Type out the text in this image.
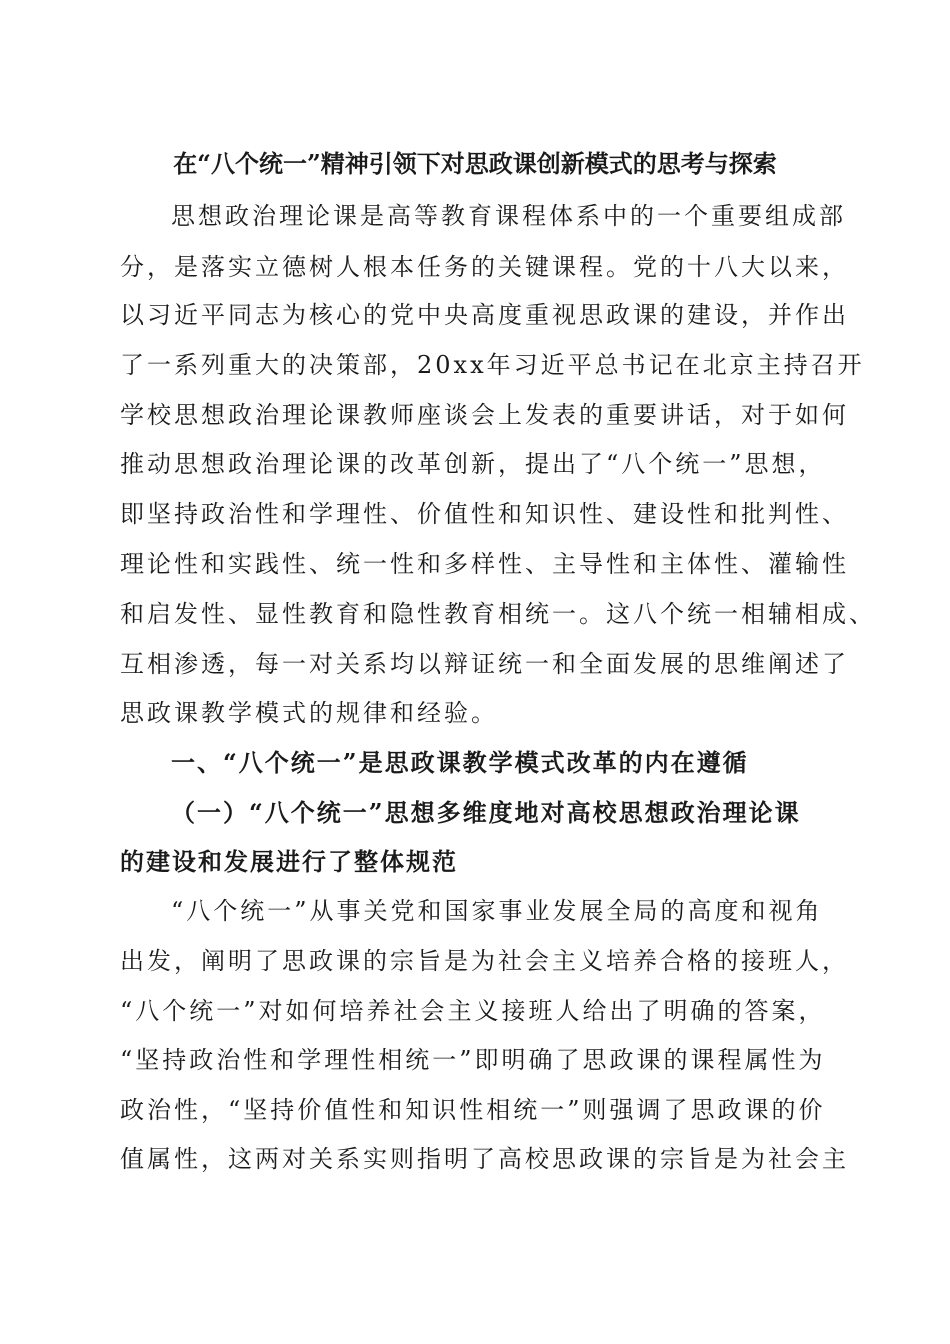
在“八个统一”精神引领下对思政课创新模式的思考与探索

思想政治理论课是高等教育课程体系中的一个重要组成部

分，是落实立德树人根本任务的关键课程。党的十八大以来，

以习近平同志为核心的党中央高度重视思政课的建设，并作出

了一系列重大的决策部，20xx年习近平总书记在北京主持召开

学校思想政治理论课教师座谈会上发表的重要讲话，对于如何

推动思想政治理论课的改革创新，提出了“八个统一”思想，

即坚持政治性和学理性、价值性和知识性、建设性和批判性、

理论性和实践性、统一性和多样性、主导性和主体性、灌输性

和启发性、显性教育和隐性教育相统一。这八个统一相辅相成、

互相渗透，每一对关系均以辩证统一和全面发展的思维阐述了

思政课教学模式的规律和经验。

一、“八个统一”是思政课教学模式改革的内在遵循

（一）“八个统一”思想多维度地对高校思想政治理论课

的建设和发展进行了整体规范

“八个统一”从事关党和国家事业发展全局的高度和视角

出发，阐明了思政课的宗旨是为社会主义培养合格的接班人，

“八个统一”对如何培养社会主义接班人给出了明确的答案，

“坚持政治性和学理性相统一”即明确了思政课的课程属性为

政治性，“坚持价值性和知识性相统一”则强调了思政课的价

值属性，这两对关系实则指明了高校思政课的宗旨是为社会主
